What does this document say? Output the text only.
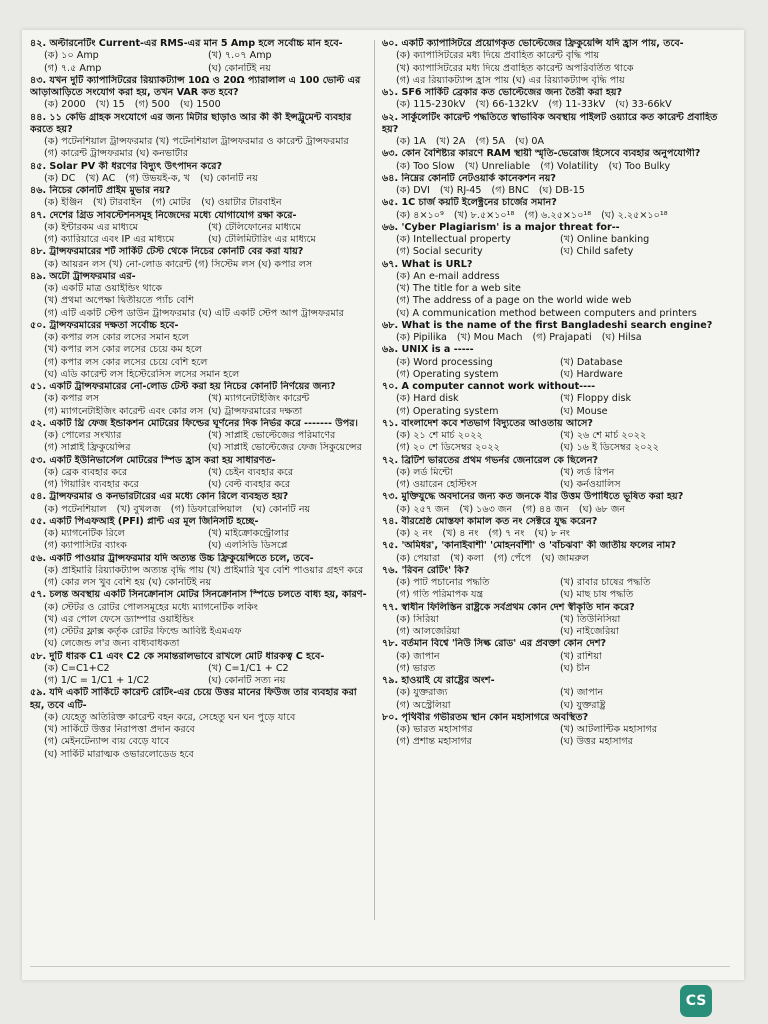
৪২. অল্টারনেটিং Current-এর RMS-এর মান 5 Amp হলে সর্বোচ্চ মান হবে-

(ক) ১০ Amp	(খ) ৭.০৭ Amp
(গ) ৭.৫ Amp	(ঘ) কোনটিই নয়

৪৩. যখন দুটি ক্যাপাসিটরের রিয়্যাকট্যান্স 10Ω ও 20Ω প্যারালাল এ 100 ভোল্ট এর আড়াআড়িতে সংযোগ করা হয়, তখন VAR কত হবে?

(ক) 2000 (খ) 15 (গ) 500 (ঘ) 1500

৪৪. ১১ কেভি গ্রাহক সংযোগে এর জন্য মিটার ছাড়াও আর কী কী ইন্সট্রুমেন্ট ব্যবহার করতে হয়?

(ক) পটেনশিয়াল ট্রান্সফরমার (খ) পটেনশিয়াল ট্রান্সফরমার ও কারেন্ট ট্রান্সফরমার
(গ) কারেন্ট ট্রান্সফরমার (ঘ) কনভার্টার

৪৫. Solar PV কী ধরণের বিদ্যুৎ উৎপাদন করে?

(ক) DC (খ) AC (গ) উভয়ই-ক, খ (ঘ) কোনটি নয়

৪৬. নিচের কোনটি প্রাইম মুভার নয়?

(ক) ইঞ্জিন (খ) টারবাইন (গ) মোটর (ঘ) ওয়াটার টারবাইন

৪৭. দেশের গ্রিড সাবস্টেশনসমূহ নিজেদের মধ্যে যোগাযোগ রক্ষা করে-

(ক) ইন্টারকম এর মাধ্যমে	(খ) টেলিফোনের মাধ্যমে
(গ) ক্যারিয়ারে এবং IP এর মাধ্যমে	(ঘ) টেলিমিটারিং এর মাধ্যমে

৪৮. ট্রান্সফরমারের শর্ট সার্কিট টেস্ট থেকে নিচের কোনটি বের করা যায়?

(ক) আয়রন লস (খ) নো-লোড কারেন্ট (গ) সিস্টেম লস (ঘ) কপার লস

৪৯. অটো ট্রান্সফরমার এর-

(ক) একটি মাত্র ওয়াইন্ডিং থাকে
(খ) প্রথমা অপেক্ষা দ্বিতীয়তে প্যাঁচ বেশি
(গ) এটি একটি স্টেপ ডাউন ট্রান্সফরমার (ঘ) এটি একটি স্টেপ আপ ট্রান্সফরমার

৫০. ট্রান্সফরমারের দক্ষতা সর্বোচ্চ হবে-

(ক) কপার লস কোর লসের সমান হলে
(খ) কপার লস কোর লসের চেয়ে কম হলে
(গ) কপার লস কোর লসের চেয়ে বেশি হলে
(ঘ) এডি কারেন্ট লস হিস্টেরেসিস লসের সমান হলে

৫১. একটি ট্রান্সফরমারের নো-লোড টেস্ট করা হয় নিচের কোনটি নির্ণয়ের জন্য?

(ক) কপার লস	(খ) ম্যাগনেটাইজিং কারেন্ট
(গ) ম্যাগনেটাইজিং কারেন্ট এবং কোর লস (ঘ) ট্রান্সফরমারের দক্ষতা

৫২. একটি থ্রি ফেজ ইন্ডাকশন মোটরের ফিল্ডের ঘূর্ণনের দিক নির্ভর করে ------- উপর।

(ক) পোলের সংখ্যার	(খ) সাপ্লাই ভোল্টেজের পরিমাণের
(গ) সাপ্লাই ফ্রিকুয়েন্সির	(ঘ) সাপ্লাই ভোল্টেজের ফেজ সিকুয়েন্সের

৫৩. একটি ইউনিভার্সেল মোটরের স্পিড হ্রাস করা হয় সাধারণত-

(ক) ব্রেক ব্যবহার করে	(খ) চেইন ব্যবহার করে
(গ) গিয়ারিং ব্যবহার করে	(ঘ) বেল্ট ব্যবহার করে

৫৪. ট্রান্সফরমার ও কনভারটারের এর মধ্যে কোন রিলে ব্যবহৃত হয়?

(ক) পটেনশিয়াল (খ) বুখলজ (গ) ডিফারেন্সিয়াল (ঘ) কোনটি নয়

৫৫. একটি পিএফআই (PFI) প্লান্ট এর মূল জিনিসটি হচ্ছে-

(ক) ম্যাগনেটিক রিলে	(খ) মাইক্রোকন্ট্রোলার
(গ) ক্যাপাসিটর ব্যাংক	(ঘ) এলসিডি ডিসপ্লে

৫৬. একটি পাওয়ার ট্রান্সফরমার যদি অত্যন্ত উচ্চ ফ্রিকুয়েন্সিতে চলে, তবে-

(ক) প্রাইমারি রিয়্যাকট্যান্স অত্যন্ত বৃদ্ধি পায় (খ) প্রাইমারি খুব বেশি পাওয়ার গ্রহণ করে
(গ) কোর লস খুব বেশি হয় (ঘ) কোনটিই নয়

৫৭. চলন্ত অবস্থায় একটি সিনক্রোনাস মোটর সিনক্রোনাস স্পিডে চলতে বাধ্য হয়, কারণ-

(ক) স্টেটর ও রোটর পোলসমূহের মধ্যে ম্যাগনেটিক লকিং
(খ) এর পোল ফেসে ড্যাম্পার ওয়াইন্ডিং
(গ) স্টেটর ফ্লাক্স কর্তৃক রোটর ফিল্ডে আবিষ্ট ইএমএফ
(ঘ) লেজেন্ড ল'র জন্য বাধ্যবাধকতা

৫৮. দুটি ধারক C1 এবং C2 কে সমান্তরালভাবে রাখলে মোট ধারকত্ব C হবে-

(ক) C=C1+C2	(খ) C=1/C1 + C2
(গ) 1/C = 1/C1 + 1/C2	(ঘ) কোনটি সত্য নয়

৫৯. যদি একটি সার্কিটে কারেন্ট রেটিং-এর চেয়ে উত্তর মানের ফিউজ তার ব্যবহার করা হয়, তবে এটি-

(ক) যেহেতু অতিরিক্ত কারেন্ট বহন করে, সেহেতু ঘন ঘন পুড়ে যাবে
(খ) সার্কিটে উত্তর নিরাপত্তা প্রদান করবে
(গ) মেইনটেন্যান্স ব্যয় বেড়ে যাবে
(ঘ) সার্কিট মারাত্মক ওভারলোডেড হবে

৬০. একটি ক্যাপাসিটরে প্রয়োগকৃত ভোল্টেজের ফ্রিকুয়েন্সি যদি হ্রাস পায়, তবে-

(ক) ক্যাপাসিটরের মধ্য দিয়ে প্রবাহিত কারেন্ট বৃদ্ধি পায়
(খ) ক্যাপাসিটরের মধ্য দিয়ে প্রবাহিত কারেন্ট অপরিবর্তিত থাকে
(গ) এর রিয়্যাকট্যান্স হ্রাস পায় (ঘ) এর রিয়্যাকট্যান্স বৃদ্ধি পায়

৬১. SF6 সার্কিট ব্রেকার কত ভোল্টেজের জন্য তৈরী করা হয়?

(ক) 115-230kV (খ) 66-132kV (গ) 11-33kV (ঘ) 33-66kV

৬২. সার্কুলেটিং কারেন্ট পদ্ধতিতে স্বাভাবিক অবস্থায় পাইলট ওয়্যারে কত কারেন্ট প্রবাহিত হয়?

(ক) 1A (খ) 2A (গ) 5A (ঘ) 0A

৬৩. কোন বৈশিষ্ট্যর কারণে RAM স্থায়ী স্মৃতি-ভেরোজ হিসেবে ব্যবহার অনুপযোগী?

(ক) Too Slow (খ) Unreliable (গ) Volatility (ঘ) Too Bulky

৬৪. নিম্নের কোনটি নেটওয়ার্ক কানেকশন নয়?

(ক) DVI (খ) RJ-45 (গ) BNC (ঘ) DB-15

৬৫. 1C চার্জ কয়টি ইলেক্ট্রনের চার্জের সমান?

(ক) ৪×১০⁹ (খ) ৮.৫×১০¹⁸ (গ) ৬.২৫×১০¹⁸ (ঘ) ২.২৫×১০¹⁸

৬৬. 'Cyber Plagiarism' is a major threat for--

(ক) Intellectual property	(খ) Online banking
(গ) Social security	(ঘ) Child safety

৬৭. What is URL?

(ক) An e-mail address
(খ) The title for a web site
(গ) The address of a page on the world wide web
(ঘ) A communication method between computers and printers

৬৮. What is the name of the first Bangladeshi search engine?

(ক) Pipilika (খ) Mou Mach (গ) Prajapati (ঘ) Hilsa

৬৯. UNIX is a -----

(ক) Word processing	(খ) Database
(গ) Operating system	(ঘ) Hardware

৭০. A computer cannot work without----

(ক) Hard disk	(খ) Floppy disk
(গ) Operating system	(ঘ) Mouse

৭১. বাংলাদেশ কবে শতভাগ বিদ্যুতের আওতায় আসে?

(ক) ২১ শে মার্চ ২০২২	(খ) ২৬ শে মার্চ ২০২২
(গ) ২০ শে ডিসেম্বর ২০২২	(ঘ) ১৬ ই ডিসেম্বর ২০২২

৭২. ব্রিটিশ ভারতের প্রথম গভর্নর জেনারেল কে ছিলেন?

(ক) লর্ড মিন্টো	(খ) লর্ড রিপন
(গ) ওয়ারেন হেস্টিংস	(ঘ) কর্নওয়ালিস

৭৩. মুক্তিযুদ্ধে অবদানের জন্য কত জনকে বীর উত্তম উপাধিতে ভূষিত করা হয়?

(ক) ২৫৭ জন (খ) ১৬৩ জন (গ) ৪৪ জন (ঘ) ৬৮ জন

৭৪. বীরশ্রেষ্ঠ মোস্তফা কামাল কত নং সেক্টরে যুদ্ধ করেন?

(ক) ২ নং (খ) ৪ নং (গ) ৭ নং (ঘ) ৮ নং

৭৫. 'অমিধর', 'কানাইবাশী' 'মোহনবাঁশী' ও 'বাঁচঝবা' কী জাতীয় ফলের নাম?

(ক) পেয়ারা (খ) কলা (গ) পেঁপে (ঘ) জামরুল

৭৬. 'রিবন রেটিং' কি?

(ক) পাট পচানোর পদ্ধতি	(খ) রাবার চাষের পদ্ধতি
(গ) গতি পরিমাপক যন্ত্র	(ঘ) মাছ চাষ পদ্ধতি

৭৭. স্বাধীন ফিলিস্তিন রাষ্ট্রকে সর্বপ্রথম কোন দেশ স্বীকৃতি দান করে?

(ক) সিরিয়া	(খ) তিউনিসিয়া
(গ) আলজেরিয়া	(ঘ) নাইজেরিয়া

৭৮. বর্তমান বিশ্বে 'নিউ সিল্ক রোড' এর প্রবক্তা কোন দেশ?

(ক) জাপান	(খ) রাশিয়া
(গ) ভারত	(ঘ) চীন

৭৯. হাওয়াই যে রাষ্ট্রের অংশ-

(ক) যুক্তরাজ্য	(খ) জাপান
(গ) অস্ট্রেলিয়া	(ঘ) যুক্তরাষ্ট্র

৮০. পৃথিবীর গভীরতম স্থান কোন মহাসাগরে অবস্থিত?

(ক) ভারত মহাসাগর	(খ) আটলান্টিক মহাসাগর
(গ) প্রশান্ত মহাসাগর	(ঘ) উত্তর মহাসাগর
CS
